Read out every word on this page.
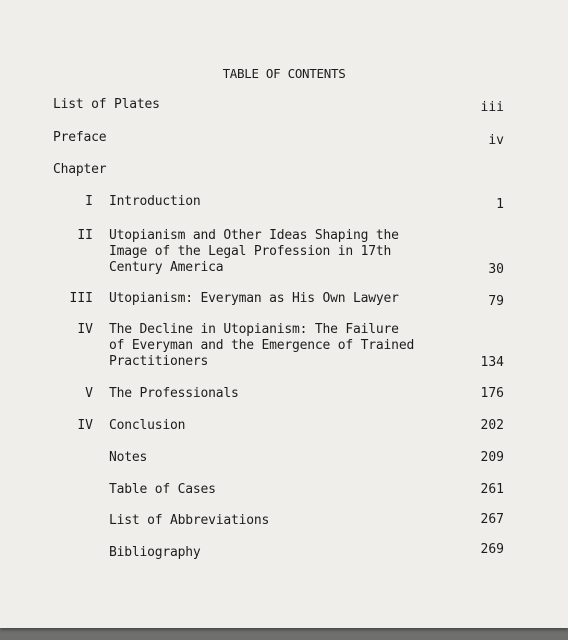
TABLE OF CONTENTS
List of Plates	iii
Preface	iv
Chapter
I Introduction	1
II Utopianism and Other Ideas Shaping the
Image of the Legal Profession in 17th
Century America	30
III Utopianism: Everyman as His Own Lawyer	79
IV The Decline in Utopianism: The Failure
of Everyman and the Emergence of Trained
Practitioners	134
V The Professionals	176
IV Conclusion	202
Notes	209
Table of Cases	261
List of Abbreviations	267
Bibliography	269
